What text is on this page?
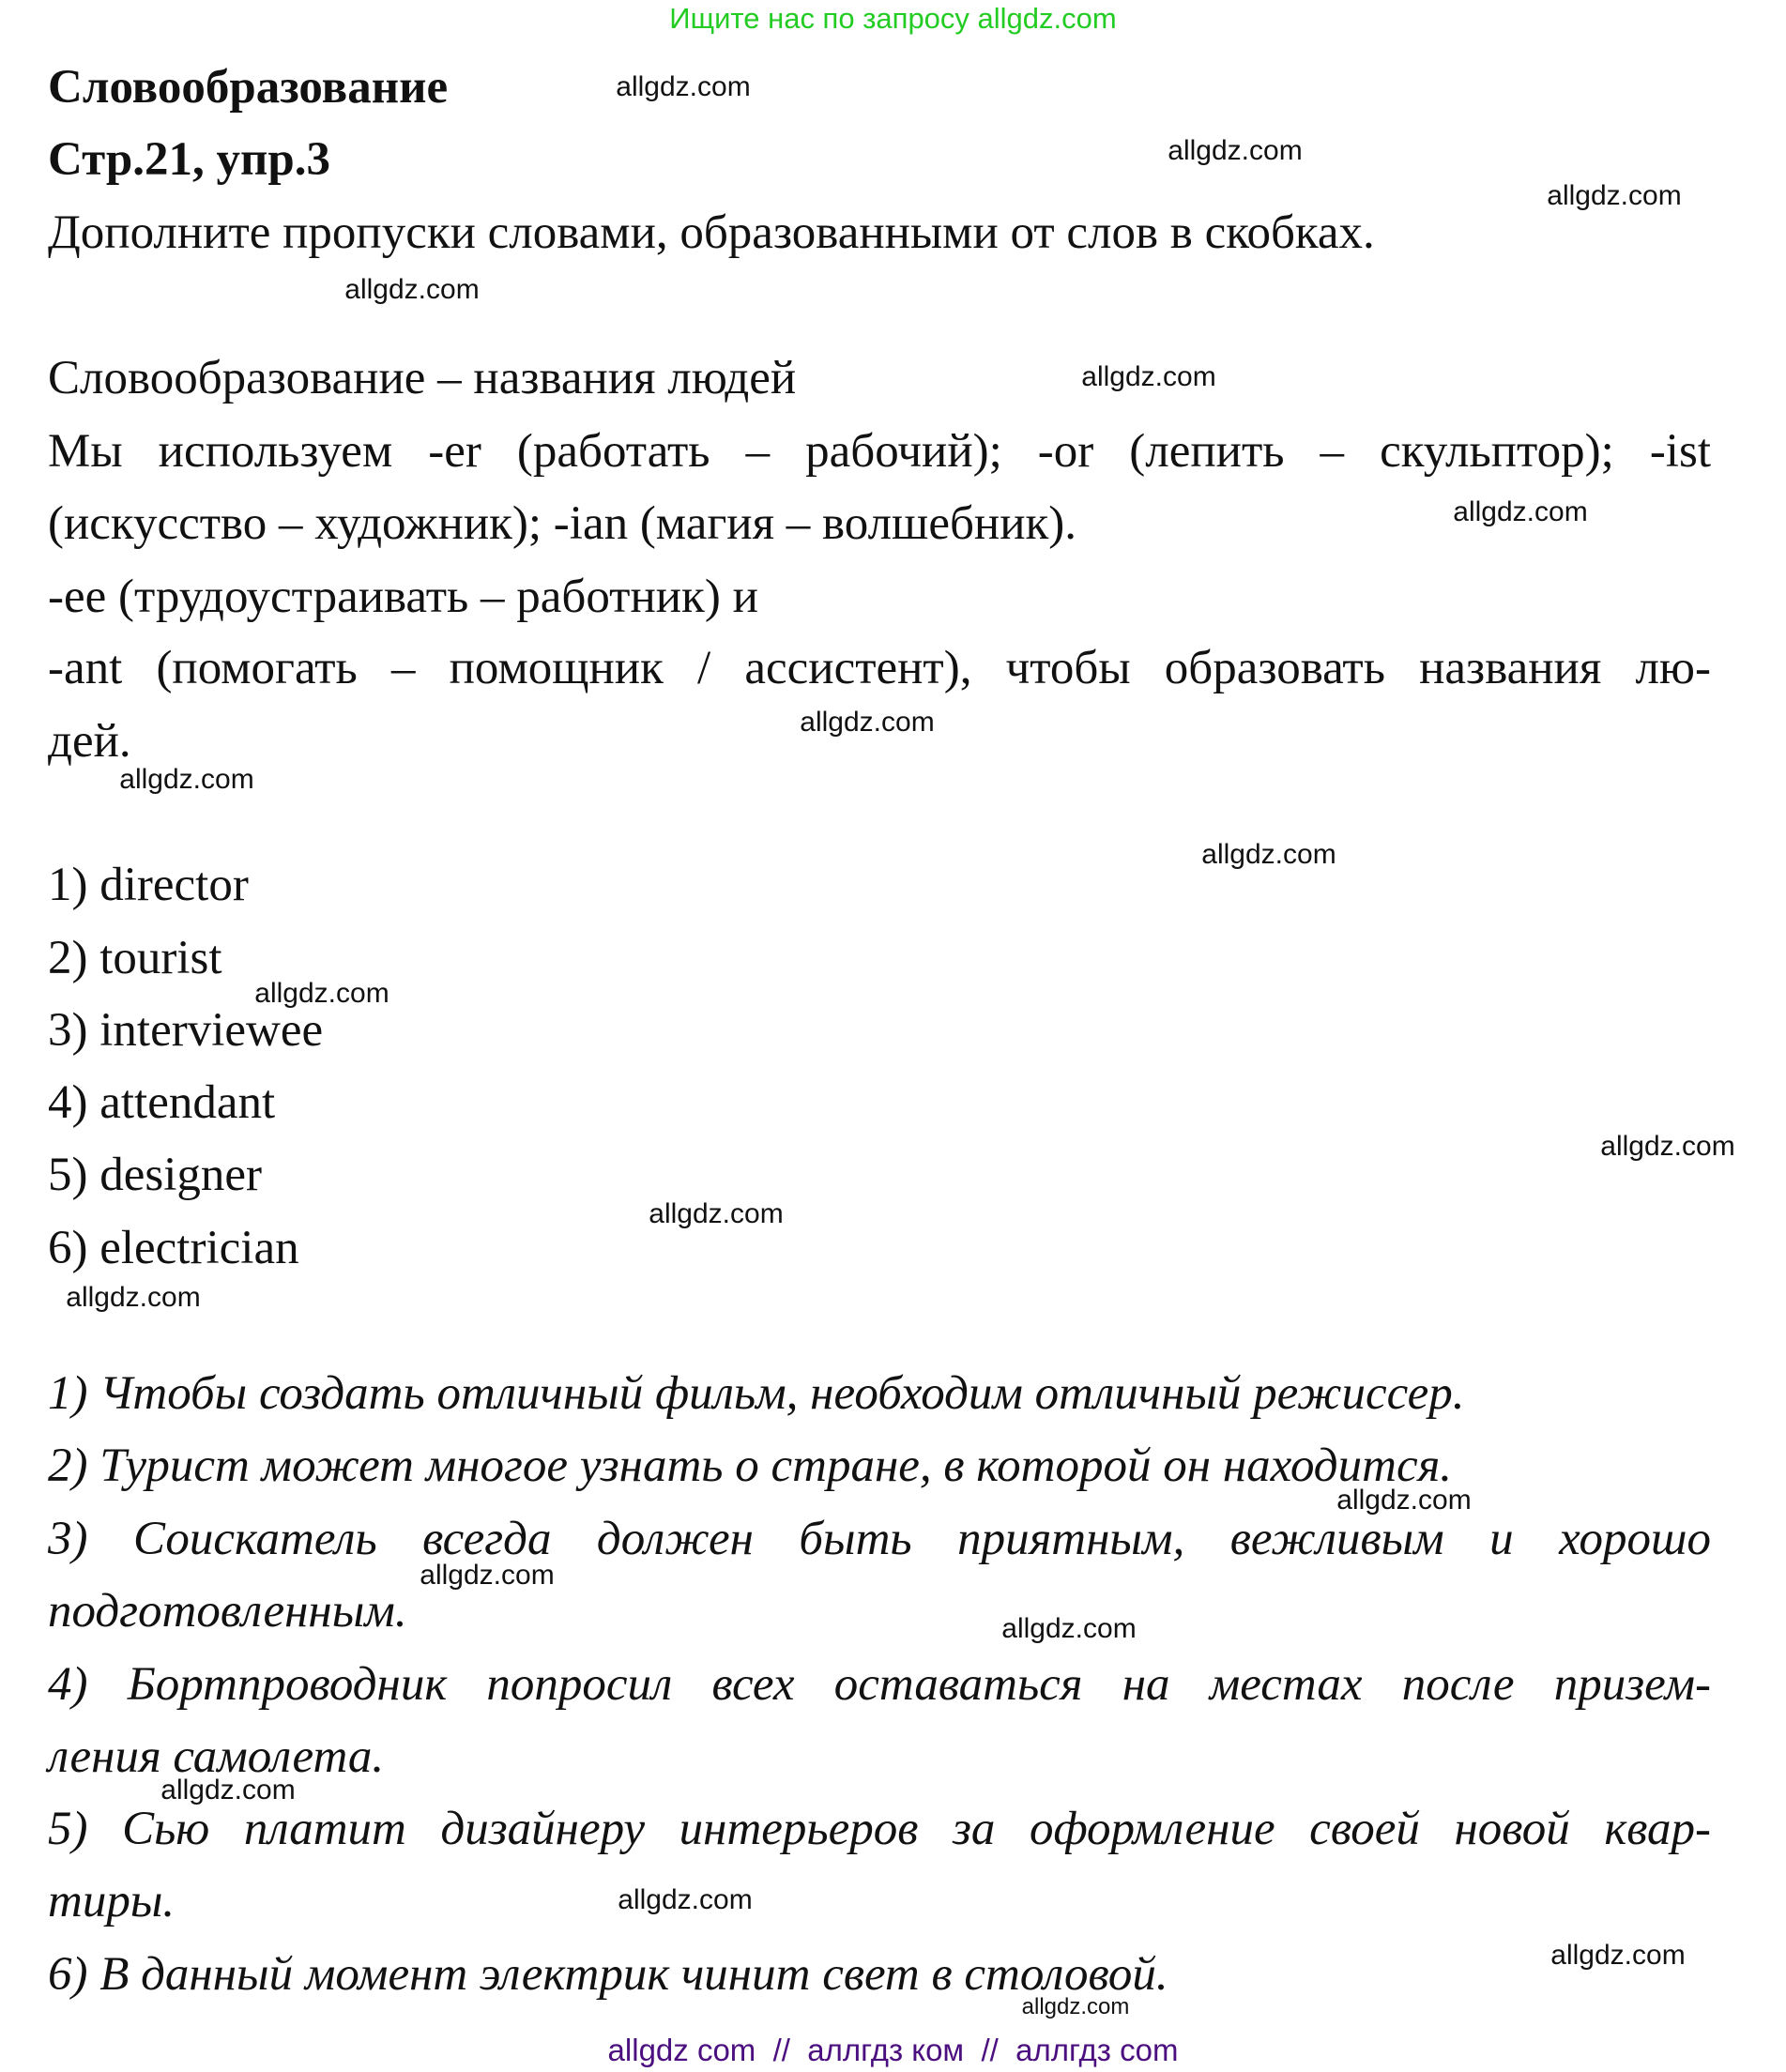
Ищите нас по запросу allgdz.com
Словообразование
Стр.21, упр.3
Дополните пропуски словами, образованными от слов в скобках.
Словообразование – названия людей
Мы используем -er (работать – рабочий); -or (лепить – скульптор); -ist
(искусство – художник); -ian (магия – волшебник).
-ee (трудоустраивать – работник) и
-ant (помогать – помощник / ассистент), чтобы образовать названия лю-
дей.
1) director
2) tourist
3) interviewee
4) attendant
5) designer
6) electrician
1) Чтобы создать отличный фильм, необходим отличный режиссер.
2) Турист может многое узнать о стране, в которой он находится.
3) Соискатель всегда должен быть приятным, вежливым и хорошо
подготовленным.
4) Бортпроводник попросил всех оставаться на местах после призем-
ления самолета.
5) Сью платит дизайнеру интерьеров за оформление своей новой квар-
тиры.
6) В данный момент электрик чинит свет в столовой.
allgdz.com
allgdz.com
allgdz.com
allgdz.com
allgdz.com
allgdz.com
allgdz.com
allgdz.com
allgdz.com
allgdz.com
allgdz.com
allgdz.com
allgdz.com
allgdz.com
allgdz.com
allgdz.com
allgdz.com
allgdz.com
allgdz.com
allgdz.com
allgdz com  //  аллгдз ком  //  аллгдз com
